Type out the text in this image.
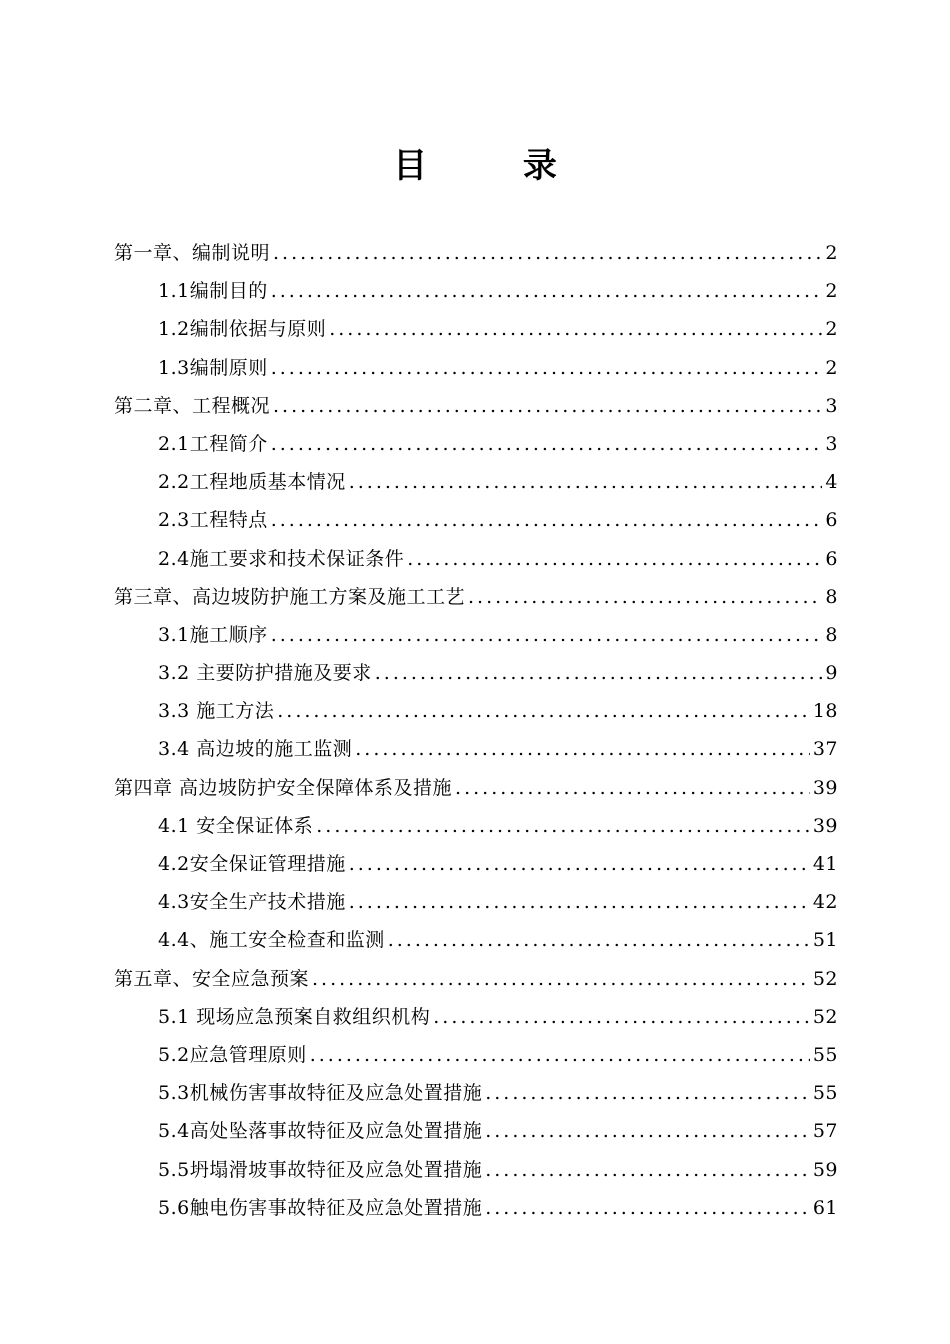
目 录
第一章、编制说明 .....	2
1.1编制目的 .....	2
1.2编制依据与原则 .....	2
1.3编制原则 .....	2
第二章、工程概况 .....	3
2.1工程简介 .....	3
2.2工程地质基本情况 .....	4
2.3工程特点 .....	6
2.4施工要求和技术保证条件 .....	6
第三章、高边坡防护施工方案及施工工艺 .....	8
3.1施工顺序 .....	8
3.2 主要防护措施及要求 .....	9
3.3 施工方法 .....	18
3.4 高边坡的施工监测 .....	37
第四章 高边坡防护安全保障体系及措施 .....	39
4.1 安全保证体系 .....	39
4.2安全保证管理措施 .....	41
4.3安全生产技术措施 .....	42
4.4、施工安全检查和监测 .....	51
第五章、安全应急预案 .....	52
5.1 现场应急预案自救组织机构 .....	52
5.2应急管理原则 .....	55
5.3机械伤害事故特征及应急处置措施 .....	55
5.4高处坠落事故特征及应急处置措施 .....	57
5.5坍塌滑坡事故特征及应急处置措施 .....	59
5.6触电伤害事故特征及应急处置措施 .....	61
